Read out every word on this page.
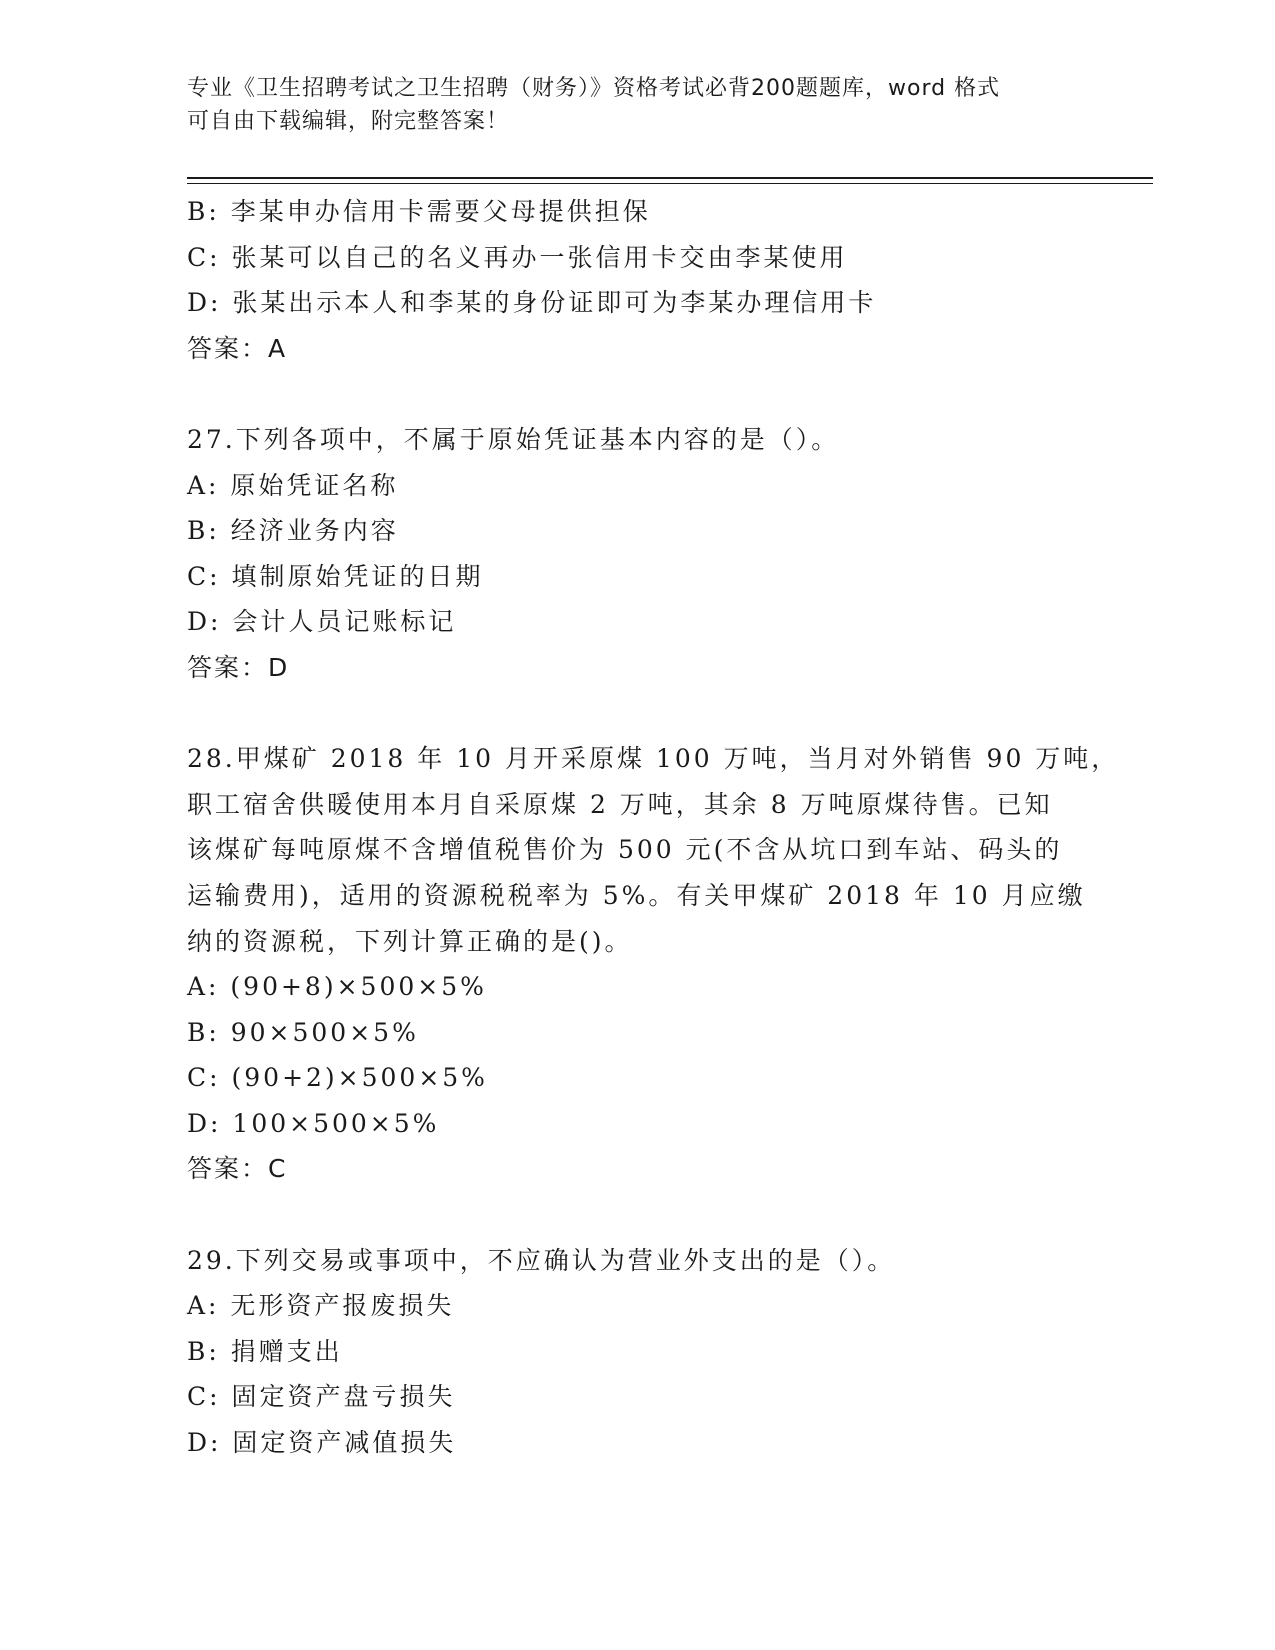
专业《卫生招聘考试之卫生招聘（财务）》资格考试必背200题题库，word 格式
可自由下载编辑，附完整答案！
B: 李某申办信用卡需要父母提供担保
C: 张某可以自己的名义再办一张信用卡交由李某使用
D: 张某出示本人和李某的身份证即可为李某办理信用卡
答案：A
27.下列各项中，不属于原始凭证基本内容的是（）。
A: 原始凭证名称
B: 经济业务内容
C: 填制原始凭证的日期
D: 会计人员记账标记
答案：D
28.甲煤矿 2018 年 10 月开采原煤 100 万吨，当月对外销售 90 万吨，
职工宿舍供暖使用本月自采原煤 2 万吨，其余 8 万吨原煤待售。已知
该煤矿每吨原煤不含增值税售价为 500 元(不含从坑口到车站、码头的
运输费用)，适用的资源税税率为 5%。有关甲煤矿 2018 年 10 月应缴
纳的资源税，下列计算正确的是()。
A: (90+8)×500×5%
B: 90×500×5%
C: (90+2)×500×5%
D: 100×500×5%
答案：C
29.下列交易或事项中，不应确认为营业外支出的是（）。
A: 无形资产报废损失
B: 捐赠支出
C: 固定资产盘亏损失
D: 固定资产减值损失
